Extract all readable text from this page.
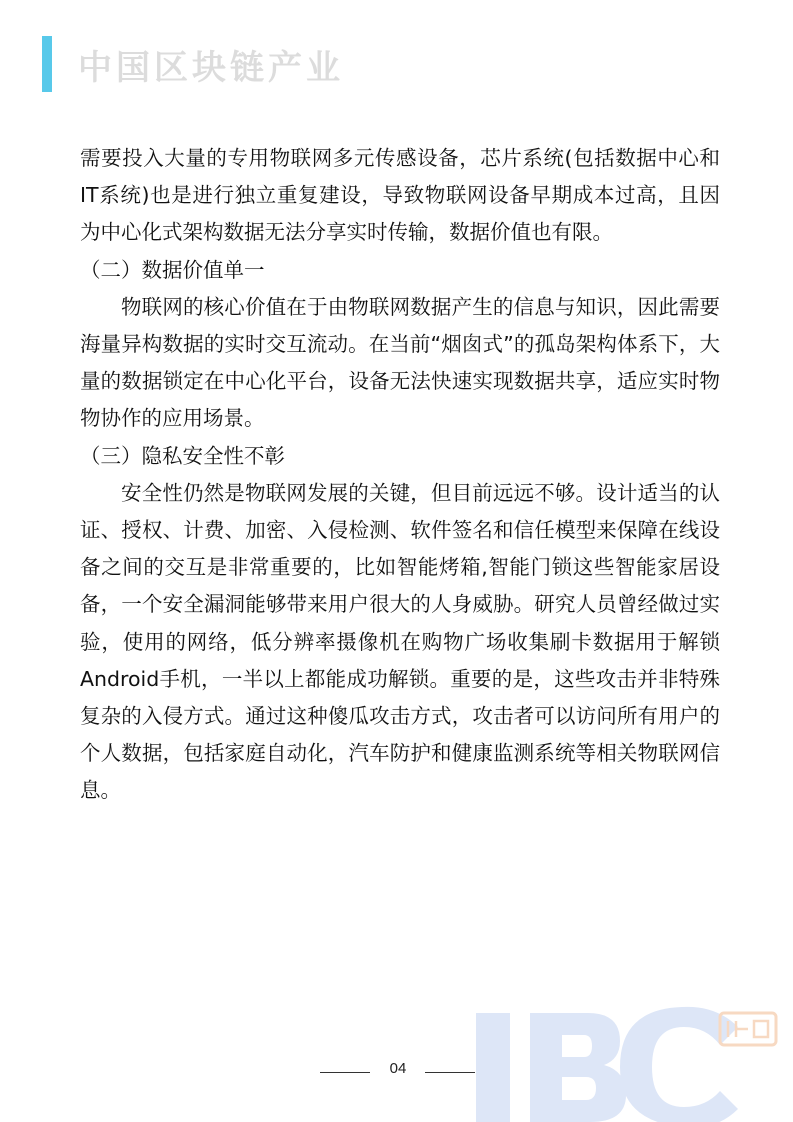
中国区块链产业

需要投入大量的专用物联网多元传感设备，芯片系统(包括数据中心和IT系统)也是进行独立重复建设，导致物联网设备早期成本过高，且因为中心化式架构数据无法分享实时传输，数据价值也有限。

（二）数据价值单一

物联网的核心价值在于由物联网数据产生的信息与知识，因此需要海量异构数据的实时交互流动。在当前“烟囱式”的孤岛架构体系下，大量的数据锁定在中心化平台，设备无法快速实现数据共享，适应实时物物协作的应用场景。

（三）隐私安全性不彰

安全性仍然是物联网发展的关键，但目前远远不够。设计适当的认证、授权、计费、加密、入侵检测、软件签名和信任模型来保障在线设备之间的交互是非常重要的，比如智能烤箱,智能门锁这些智能家居设备，一个安全漏洞能够带来用户很大的人身威胁。研究人员曾经做过实验，使用的网络，低分辨率摄像机在购物广场收集刷卡数据用于解锁Android手机，一半以上都能成功解锁。重要的是，这些攻击并非特殊复杂的入侵方式。通过这种傻瓜攻击方式，攻击者可以访问所有用户的个人数据，包括家庭自动化，汽车防护和健康监测系统等相关物联网信息。

04
